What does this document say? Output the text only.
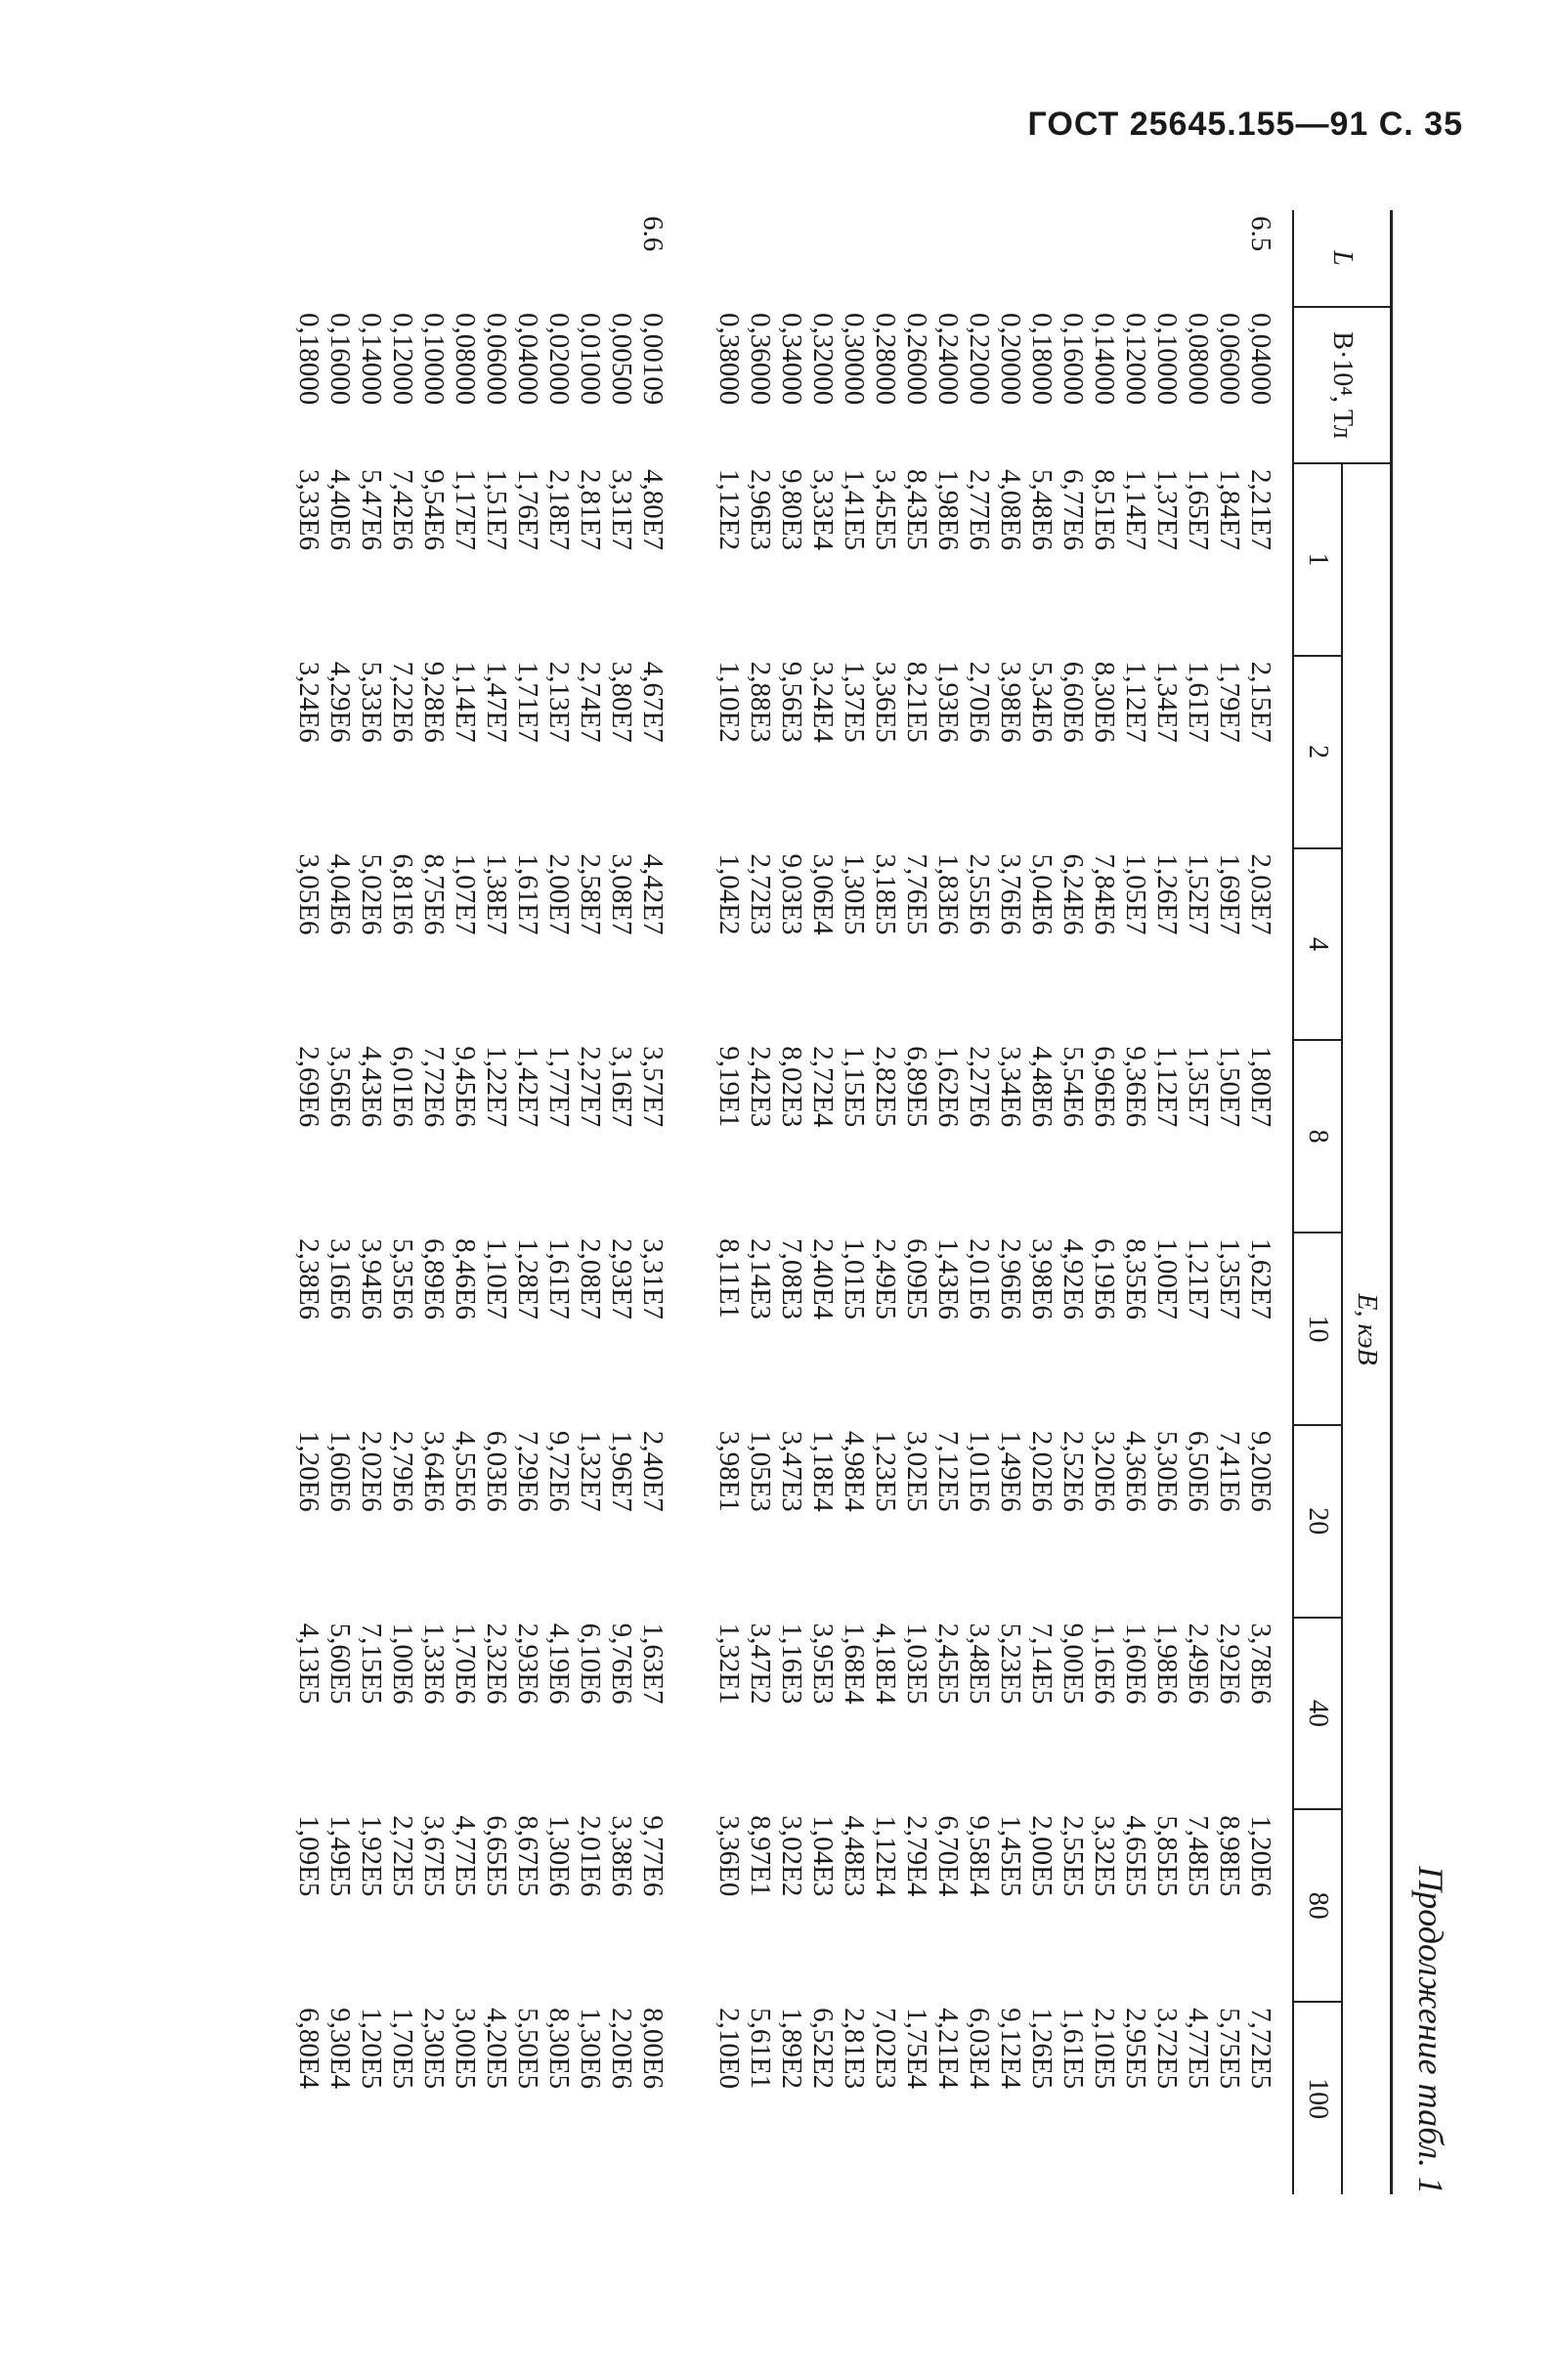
ГОСТ 25645.155—91 С. 35
Продолжение табл. 1
L	B·10⁴, Тл	E, кэВ								
		1	2	4	8	10	20	40	80	100
6.5	0,04000	2,21E7	2,15E7	2,03E7	1,80E7	1,62E7	9,20E6	3,78E6	1,20E6	7,72E5
	0,06000	1,84E7	1,79E7	1,69E7	1,50E7	1,35E7	7,41E6	2,92E6	8,98E5	5,75E5
	0,08000	1,65E7	1,61E7	1,52E7	1,35E7	1,21E7	6,50E6	2,49E6	7,48E5	4,77E5
	0,10000	1,37E7	1,34E7	1,26E7	1,12E7	1,00E7	5,30E6	1,98E6	5,85E5	3,72E5
	0,12000	1,14E7	1,12E7	1,05E7	9,36E6	8,35E6	4,36E6	1,60E6	4,65E5	2,95E5
	0,14000	8,51E6	8,30E6	7,84E6	6,96E6	6,19E6	3,20E6	1,16E6	3,32E5	2,10E5
	0,16000	6,77E6	6,60E6	6,24E6	5,54E6	4,92E6	2,52E6	9,00E5	2,55E5	1,61E5
	0,18000	5,48E6	5,34E6	5,04E6	4,48E6	3,98E6	2,02E6	7,14E5	2,00E5	1,26E5
	0,20000	4,08E6	3,98E6	3,76E6	3,34E6	2,96E6	1,49E6	5,23E5	1,45E5	9,12E4
	0,22000	2,77E6	2,70E6	2,55E6	2,27E6	2,01E6	1,01E6	3,48E5	9,58E4	6,03E4
	0,24000	1,98E6	1,93E6	1,83E6	1,62E6	1,43E6	7,12E5	2,45E5	6,70E4	4,21E4
	0,26000	8,43E5	8,21E5	7,76E5	6,89E5	6,09E5	3,02E5	1,03E5	2,79E4	1,75E4
	0,28000	3,45E5	3,36E5	3,18E5	2,82E5	2,49E5	1,23E5	4,18E4	1,12E4	7,02E3
	0,30000	1,41E5	1,37E5	1,30E5	1,15E5	1,01E5	4,98E4	1,68E4	4,48E3	2,81E3
	0,32000	3,33E4	3,24E4	3,06E4	2,72E4	2,40E4	1,18E4	3,95E3	1,04E3	6,52E2
	0,34000	9,80E3	9,56E3	9,03E3	8,02E3	7,08E3	3,47E3	1,16E3	3,02E2	1,89E2
	0,36000	2,96E3	2,88E3	2,72E3	2,42E3	2,14E3	1,05E3	3,47E2	8,97E1	5,61E1
	0,38000	1,12E2	1,10E2	1,04E2	9,19E1	8,11E1	3,98E1	1,32E1	3,36E0	2,10E0

6.6	0,00109	4,80E7	4,67E7	4,42E7	3,57E7	3,31E7	2,40E7	1,63E7	9,77E6	8,00E6
	0,00500	3,31E7	3,80E7	3,08E7	3,16E7	2,93E7	1,96E7	9,76E6	3,38E6	2,20E6
	0,01000	2,81E7	2,74E7	2,58E7	2,27E7	2,08E7	1,32E7	6,10E6	2,01E6	1,30E6
	0,02000	2,18E7	2,13E7	2,00E7	1,77E7	1,61E7	9,72E6	4,19E6	1,30E6	8,30E5
	0,04000	1,76E7	1,71E7	1,61E7	1,42E7	1,28E7	7,29E6	2,93E6	8,67E5	5,50E5
	0,06000	1,51E7	1,47E7	1,38E7	1,22E7	1,10E7	6,03E6	2,32E6	6,65E5	4,20E5
	0,08000	1,17E7	1,14E7	1,07E7	9,45E6	8,46E6	4,55E6	1,70E6	4,77E5	3,00E5
	0,10000	9,54E6	9,28E6	8,75E6	7,72E6	6,89E6	3,64E6	1,33E6	3,67E5	2,30E5
	0,12000	7,42E6	7,22E6	6,81E6	6,01E6	5,35E6	2,79E6	1,00E6	2,72E5	1,70E5
	0,14000	5,47E6	5,33E6	5,02E6	4,43E6	3,94E6	2,02E6	7,15E5	1,92E5	1,20E5
	0,16000	4,40E6	4,29E6	4,04E6	3,56E6	3,16E6	1,60E6	5,60E5	1,49E5	9,30E4
	0,18000	3,33E6	3,24E6	3,05E6	2,69E6	2,38E6	1,20E6	4,13E5	1,09E5	6,80E4
